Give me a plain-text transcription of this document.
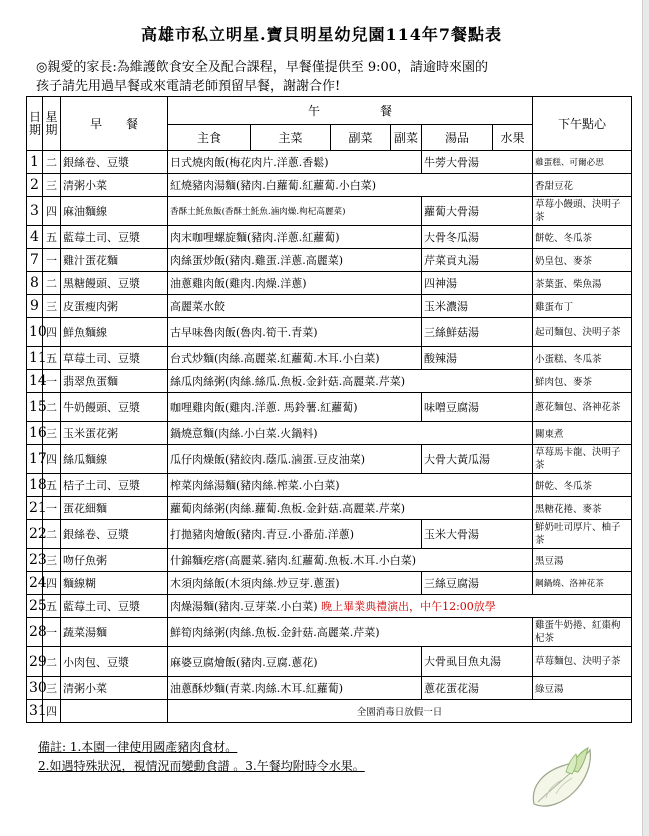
高雄市私立明星.寶貝明星幼兒園114年7餐點表
◎親愛的家長:為維護飲食安全及配合課程，早餐僅提供至 9:00，請逾時來園的
孩子請先用過早餐或來電請老師預留早餐，謝謝合作!
日期	星期	早　　餐	午　　　　　餐						下午點心
			主食	主菜	副菜	副菜	湯品	水果	
1	二	銀絲卷、豆漿	日式燒肉飯(梅花肉片.洋蔥.香鬆)				牛蒡大骨湯		雞蛋糕、可爾必思
2	三	清粥小菜	紅燒豬肉湯麵(豬肉.白蘿蔔.紅蘿蔔.小白菜)						香甜豆花
3	四	麻油麵線	香酥土魠魚飯(香酥土魠魚.滷肉燥.枸杞高麗菜)				蘿蔔大骨湯		草莓小饅頭、決明子茶
4	五	藍莓土司、豆漿	肉末咖哩螺旋麵(豬肉.洋蔥.紅蘿蔔)				大骨冬瓜湯		餅乾、冬瓜茶
7	一	雞汁蛋花麵	肉絲蛋炒飯(豬肉.雞蛋.洋蔥.高麗菜)				芹菜貢丸湯		奶皇包、麥茶
8	二	黑糖饅頭、豆漿	油蔥雞肉飯(雞肉.肉燥.洋蔥)				四神湯		茶葉蛋、柴魚湯
9	三	皮蛋瘦肉粥	高麗菜水餃				玉米濃湯		雞蛋布丁
10	四	鮮魚麵線	古早味魯肉飯(魯肉.筍干.青菜)				三絲鮮菇湯		起司麵包、決明子茶
11	五	草莓土司、豆漿	台式炒麵(肉絲.高麗菜.紅蘿蔔.木耳.小白菜)				酸辣湯		小蛋糕、冬瓜茶
14	一	翡翠魚蛋麵	絲瓜肉絲粥(肉絲.絲瓜.魚板.金針菇.高麗菜.芹菜)						鮮肉包、麥茶
15	二	牛奶饅頭、豆漿	咖哩雞肉飯(雞肉.洋蔥. 馬鈴薯.紅蘿蔔)				味噌豆腐湯		蔥花麵包、洛神花茶
16	三	玉米蛋花粥	鍋燒意麵(肉絲.小白菜.火鍋料)						關東煮
17	四	絲瓜麵線	瓜仔肉燥飯(豬絞肉.蔭瓜.滷蛋.豆皮油菜)				大骨大黃瓜湯		草莓馬卡龍、決明子茶
18	五	桔子土司、豆漿	榨菜肉絲湯麵(豬肉絲.榨菜.小白菜)						餅乾、冬瓜茶
21	一	蛋花細麵	蘿蔔肉絲粥(肉絲.蘿蔔.魚板.金針菇.高麗菜.芹菜)						黑糖花捲、麥茶
22	二	銀絲卷、豆漿	打拋豬肉燴飯(豬肉.青豆.小番茄.洋蔥)				玉米大骨湯		鮮奶吐司厚片、柚子茶
23	三	吻仔魚粥	什錦麵疙瘩(高麗菜.豬肉.紅蘿蔔.魚板.木耳.小白菜)						黑豆湯
24	四	麵線糊	木須肉絲飯(木須肉絲.炒豆芽.蔥蛋)				三絲豆腐湯		鋼鍋燒、洛神花茶
25	五	藍莓土司、豆漿	肉燥湯麵(豬肉.豆芽菜.小白菜) 晚上畢業典禮演出，中午12:00放學						
28	一	蔬菜湯麵	鮮筍肉絲粥(肉絲.魚板.金針菇.高麗菜.芹菜)						雞蛋牛奶捲、紅棗枸杞茶
29	二	小肉包、豆漿	麻婆豆腐燴飯(豬肉.豆腐.蔥花)				大骨虱目魚丸湯		草莓麵包、決明子茶
30	三	清粥小菜	油蔥酥炒麵(青菜.肉絲.木耳.紅蘿蔔)				蔥花蛋花湯		綠豆湯
31	四		全園消毒日放假一日						
備註: 1.本園一律使用國產豬肉食材。
2.如遇特殊狀況，視情況而變動食譜 。3.午餐均附時令水果。
